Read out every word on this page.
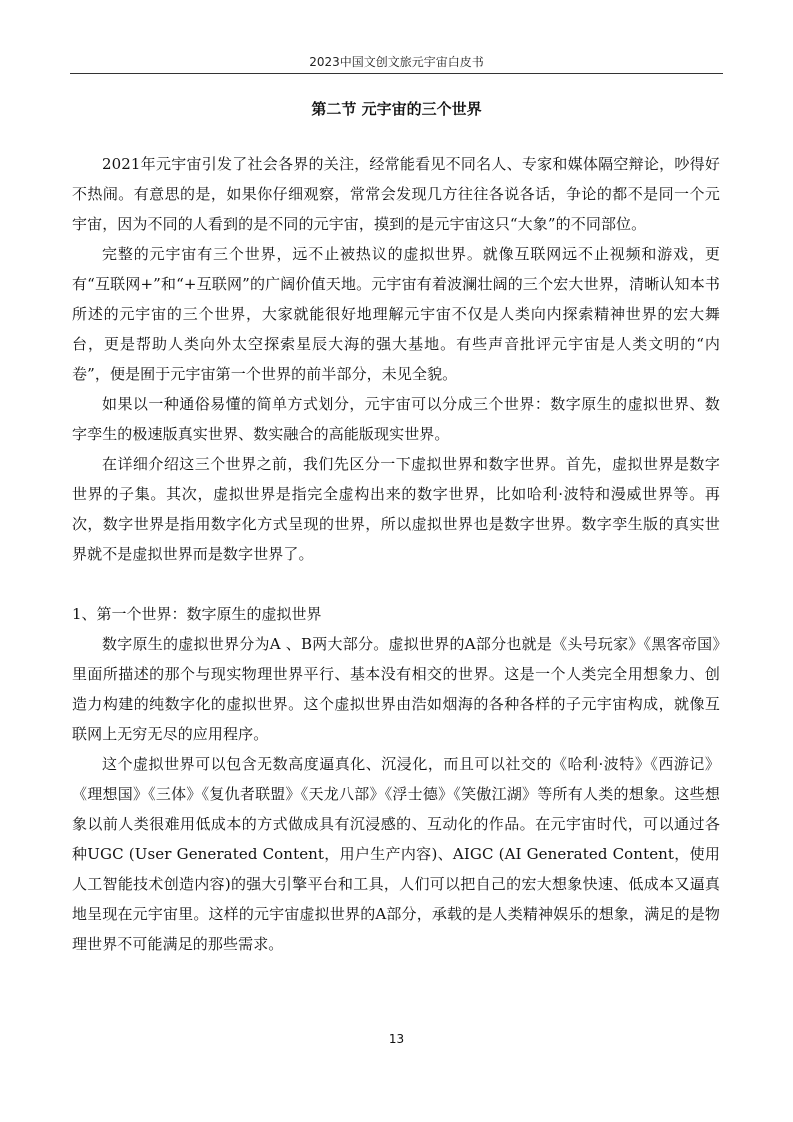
2023中国文创文旅元宇宙白皮书
第二节 元宇宙的三个世界

2021年元宇宙引发了社会各界的关注，经常能看见不同名人、专家和媒体隔空辩论，吵得好不热闹。有意思的是，如果你仔细观察，常常会发现几方往往各说各话，争论的都不是同一个元宇宙，因为不同的人看到的是不同的元宇宙，摸到的是元宇宙这只“大象”的不同部位。

完整的元宇宙有三个世界，远不止被热议的虚拟世界。就像互联网远不止视频和游戏，更有“互联网+”和“+互联网”的广阔价值天地。元宇宙有着波澜壮阔的三个宏大世界，清晰认知本书所述的元宇宙的三个世界，大家就能很好地理解元宇宙不仅是人类向内探索精神世界的宏大舞台，更是帮助人类向外太空探索星辰大海的强大基地。有些声音批评元宇宙是人类文明的“内卷”，便是囿于元宇宙第一个世界的前半部分，未见全貌。

如果以一种通俗易懂的简单方式划分，元宇宙可以分成三个世界：数字原生的虚拟世界、数字孪生的极速版真实世界、数实融合的高能版现实世界。

在详细介绍这三个世界之前，我们先区分一下虚拟世界和数字世界。首先，虚拟世界是数字世界的子集。其次，虚拟世界是指完全虚构出来的数字世界，比如哈利·波特和漫威世界等。再次，数字世界是指用数字化方式呈现的世界，所以虚拟世界也是数字世界。数字孪生版的真实世界就不是虚拟世界而是数字世界了。

1、第一个世界：数字原生的虚拟世界

数字原生的虚拟世界分为A 、B两大部分。虚拟世界的A部分也就是《头号玩家》《黑客帝国》里面所描述的那个与现实物理世界平行、基本没有相交的世界。这是一个人类完全用想象力、创造力构建的纯数字化的虚拟世界。这个虚拟世界由浩如烟海的各种各样的子元宇宙构成，就像互联网上无穷无尽的应用程序。

这个虚拟世界可以包含无数高度逼真化、沉浸化，而且可以社交的《哈利·波特》《西游记》《理想国》《三体》《复仇者联盟》《天龙八部》《浮士德》《笑傲江湖》等所有人类的想象。这些想象以前人类很难用低成本的方式做成具有沉浸感的、互动化的作品。在元宇宙时代，可以通过各种UGC (User Generated Content，用户生产内容)、AIGC (AI Generated Content，使用人工智能技术创造内容)的强大引擎平台和工具，人们可以把自己的宏大想象快速、低成本又逼真地呈现在元宇宙里。这样的元宇宙虚拟世界的A部分，承载的是人类精神娱乐的想象，满足的是物理世界不可能满足的那些需求。

13
